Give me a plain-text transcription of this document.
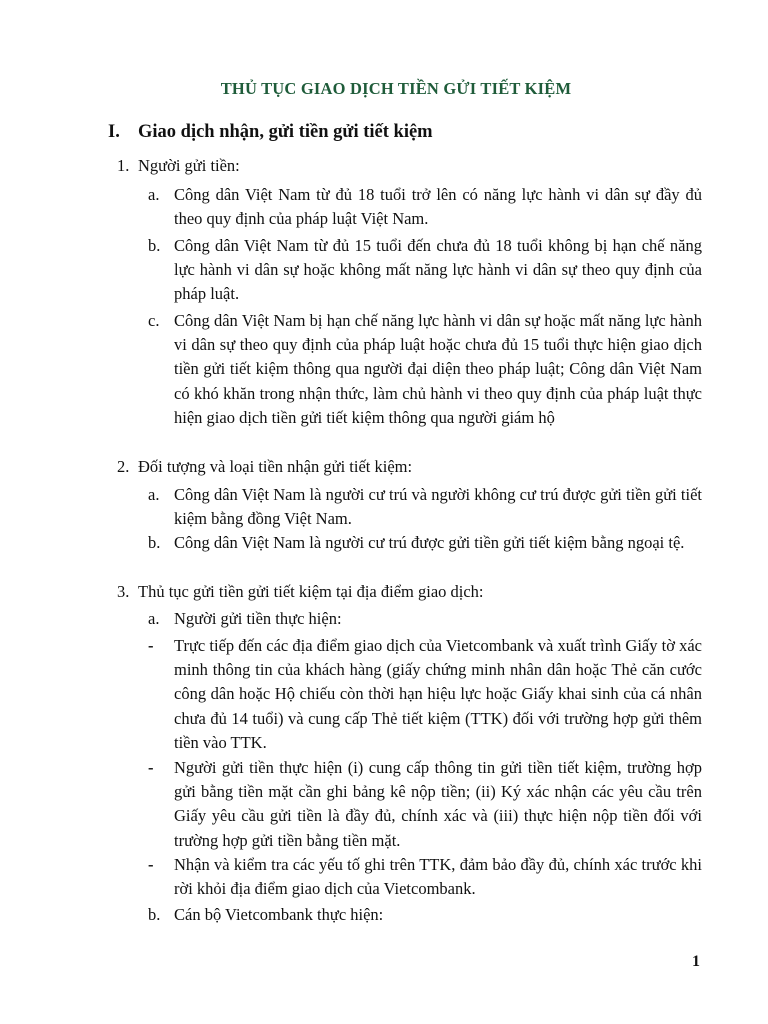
THỦ TỤC GIAO DỊCH TIỀN GỬI TIẾT KIỆM
I. Giao dịch nhận, gửi tiền gửi tiết kiệm
1. Người gửi tiền:
a. Công dân Việt Nam từ đủ 18 tuổi trở lên có năng lực hành vi dân sự đầy đủ theo quy định của pháp luật Việt Nam.
b. Công dân Việt Nam từ đủ 15 tuổi đến chưa đủ 18 tuổi không bị hạn chế năng lực hành vi dân sự hoặc không mất năng lực hành vi dân sự theo quy định của pháp luật.
c. Công dân Việt Nam bị hạn chế năng lực hành vi dân sự hoặc mất năng lực hành vi dân sự theo quy định của pháp luật hoặc chưa đủ 15 tuổi thực hiện giao dịch tiền gửi tiết kiệm thông qua người đại diện theo pháp luật; Công dân Việt Nam có khó khăn trong nhận thức, làm chủ hành vi theo quy định của pháp luật thực hiện giao dịch tiền gửi tiết kiệm thông qua người giám hộ
2. Đối tượng và loại tiền nhận gửi tiết kiệm:
a. Công dân Việt Nam là người cư trú và người không cư trú được gửi tiền gửi tiết kiệm bằng đồng Việt Nam.
b. Công dân Việt Nam là người cư trú được gửi tiền gửi tiết kiệm bằng ngoại tệ.
3. Thủ tục gửi tiền gửi tiết kiệm tại địa điểm giao dịch:
a. Người gửi tiền thực hiện:
- Trực tiếp đến các địa điểm giao dịch của Vietcombank và xuất trình Giấy tờ xác minh thông tin của khách hàng (giấy chứng minh nhân dân hoặc Thẻ căn cước công dân hoặc Hộ chiếu còn thời hạn hiệu lực hoặc Giấy khai sinh của cá nhân chưa đủ 14 tuổi) và cung cấp Thẻ tiết kiệm (TTK) đối với trường hợp gửi thêm tiền vào TTK.
- Người gửi tiền thực hiện (i) cung cấp thông tin gửi tiền tiết kiệm, trường hợp gửi bằng tiền mặt cần ghi bảng kê nộp tiền; (ii) Ký xác nhận các yêu cầu trên Giấy yêu cầu gửi tiền là đầy đủ, chính xác và (iii) thực hiện nộp tiền đối với trường hợp gửi tiền bằng tiền mặt.
- Nhận và kiểm tra các yếu tố ghi trên TTK, đảm bảo đầy đủ, chính xác trước khi rời khỏi địa điểm giao dịch của Vietcombank.
b. Cán bộ Vietcombank thực hiện:
1
